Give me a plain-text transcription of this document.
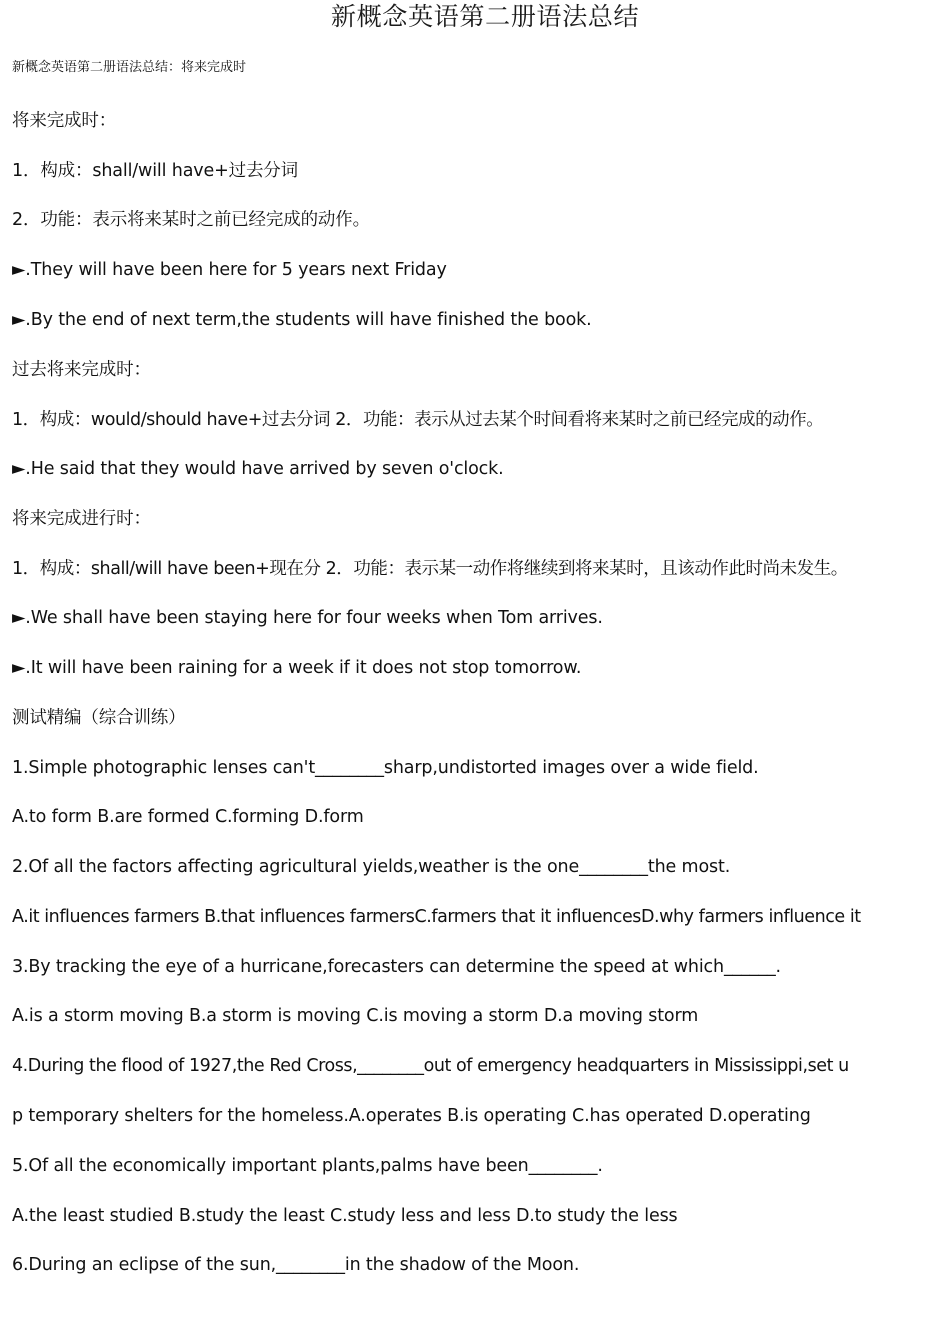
新概念英语第二册语法总结
新概念英语第二册语法总结：将来完成时
将来完成时：
1．构成：shall/will have+过去分词
2．功能：表示将来某时之前已经完成的动作。
►.They will have been here for 5 years next Friday
►.By the end of next term,the students will have finished the book.
过去将来完成时：
1．构成：would/should have+过去分词 2．功能：表示从过去某个时间看将来某时之前已经完成的动作。
►.He said that they would have arrived by seven o'clock.
将来完成进行时：
1．构成：shall/will have been+现在分 2．功能：表示某一动作将继续到将来某时，且该动作此时尚未发生。
►.We shall have been staying here for four weeks when Tom arrives.
►.It will have been raining for a week if it does not stop tomorrow.
测试精编（综合训练）
1.Simple photographic lenses can't________sharp,undistorted images over a wide field.
A.to form B.are formed C.forming D.form
2.Of all the factors affecting agricultural yields,weather is the one________the most.
A.it influences farmers B.that influences farmersC.farmers that it influencesD.why farmers influence it
3.By tracking the eye of a hurricane,forecasters can determine the speed at which______.
A.is a storm moving B.a storm is moving C.is moving a storm D.a moving storm
4.During the flood of 1927,the Red Cross,________out of emergency headquarters in Mississippi,set u
p temporary shelters for the homeless.A.operates B.is operating C.has operated D.operating
5.Of all the economically important plants,palms have been________.
A.the least studied B.study the least C.study less and less D.to study the less
6.During an eclipse of the sun,________in the shadow of the Moon.
